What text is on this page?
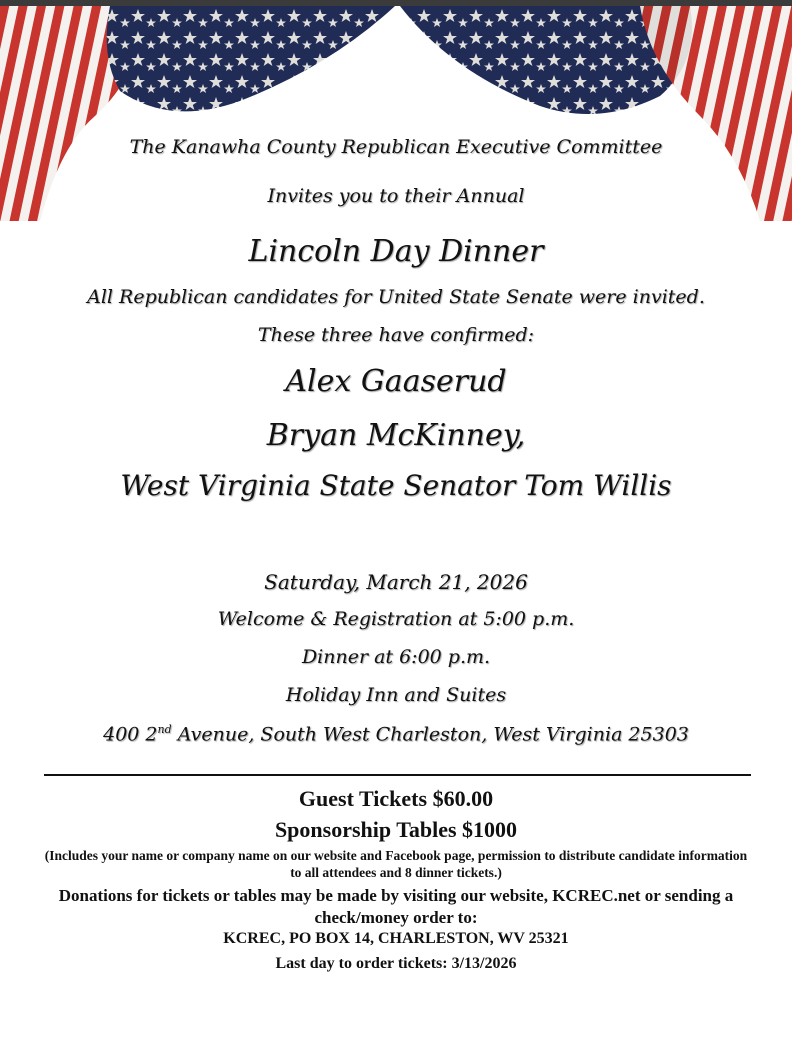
The Kanawha County Republican Executive Committee
Invites you to their Annual
Lincoln Day Dinner
All Republican candidates for United State Senate were invited.
These three have confirmed:
Alex Gaaserud
Bryan McKinney,
West Virginia State Senator Tom Willis
Saturday, March 21, 2026
Welcome & Registration at 5:00 p.m.
Dinner at 6:00 p.m.
Holiday Inn and Suites
400 2nd Avenue, South West Charleston, West Virginia 25303
Guest Tickets $60.00
Sponsorship Tables $1000
(Includes your name or company name on our website and Facebook page, permission to distribute candidate information to all attendees and 8 dinner tickets.)
Donations for tickets or tables may be made by visiting our website, KCREC.net or sending a check/money order to:
KCREC, PO BOX 14, CHARLESTON, WV 25321
Last day to order tickets: 3/13/2026
